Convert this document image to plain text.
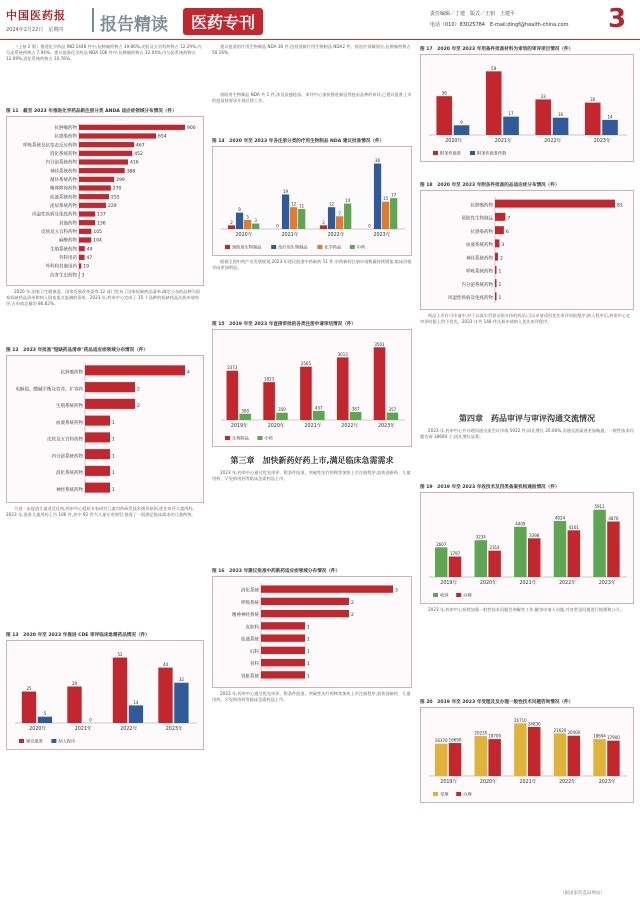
中国医药报
2024年2月22日　星期四 报告精读	医药专刊	责任编辑／丁建　版式／王钥　王建平
电话（010）83025784　E-mail:dingf@health-china.com 3
（上接 2 版）推进化学药品 IND 1448 件中,抗肿瘤药物占 39.86%,皮肤及五官科药物占 12.29%,内分泌系统药物占 7.94%。建议批准化学药品 NDA 106 件中,抗肿瘤药物占 32.04%,内分泌系统药物占 12.09%,消化系统药物占 10.76%。
图 11　截至 2023 年推进化学药品新注册分类 ANDA 适应症领域分布情况（件）
抗肿瘤药物	900
抗感染药物	654
呼吸系统及抗变态反应药物	467
消化系统药物	452
内分泌系统药物	416
神经系统药物	388
循环系统药物	299
精神障碍药物	270
血液系统药物	255
泌尿系统药物	229
风湿性疾病及免疫药物	137
其他药物	136
皮肤及五官科药物	105
麻醉药物	104
生殖系统药物 49
外科用药 47
外科和其他用药 19
抗寄生虫药物 3
2020 年,国家卫生健康委、国家发展改革委等 12 部门发布了国家短缺药品清单,确定公布的品种为国家短缺药品清单和纳入国家重点监测的清单。2023 年,药审中心完成了 15 个品种的短缺药品注册申请审评,占申请总量的 86.82%。
图 12　2023 年批准"短缺药品清单"药品适应症领域分布情况（件）
抗肿瘤药物	4
电解质、酸碱平衡及营养、扩容药	2
生殖系统药物	2
血液系统药物	1
皮肤及五官科药物	1
内分泌系统药物	1
消化系统药物	1
神经系统药物	1
为进一步促进儿童适宜化药,药审中心组织专家研究儿童用药研发技术指导原则,优先审评儿童用药。2023 年,批准儿童用药上市 106 件,其中 92 件为儿童专用剂型,推进了一批满足临床需求的儿童药物。
图 13　2020 年至 2023 年推进 CDE 审评临床急需药品情况（件）
25
5
2020年
29
0
2021年
52
14
2022年
44
32
2023年
建议批准	纳入程序
建议批准的疗用生物制品 NDA 36 件,包括创新疗用生物制品 NDA2 件。按治疗领域划分,抗肿瘤药物占 50.26%。
预防用生物制品 NDA 共 1 件,涉及流感疫苗。审评中心加快推进新冠等疫苗品种的审评,已建议批准上市的疫苗按要求开展后续工作。
图 14　2020 年至 2023 年各注册分类的疗用生物制品 NDA 建议批准情况（件）
2
9
5
3
2020年
0
19
12 11
2021年
2
12
7
14
2022年
0
36
15
17
2023年
预防用生物制品	治疗用生物制品	化学药品	中药
根据全国中药产业发展规划,2023 年建议批准中药新药 11 件,中药新药注册申请数量持续增加,临床价值导向更加明显。
图 15　2019 年至 2023 年直接审批的各类注册申请审结情况（件）
2373
300
2019年
1823
350
2020年
2565
437
2021年
3013
387
2022年
3501
357
2023年
生物制品	中药
第三章　加快新药好药上市,满足临床急需需求
2023 年,药审中心通过优先审评、附条件批准、突破性治疗药物等加快上市注册程序,加快创新药、儿童用药、罕见病用药等临床急需药品上市。
图 16　2023 年建议批准中药新药适应症领域分布情况（件）
消化系统	3
呼吸系统	2
精神神经系统	2
皮肤科	1
血液系统	1
妇科	1
骨科	1
肾脏系统	1
2023 年,药审中心通过优先审评、附条件批准、突破性治疗药物等加快上市注册程序,加快创新药、儿童用药、罕见病用药等临床急需药品上市。
图 17　2020 年至 2023 年用备件批准材料为审培的审评项目情况（件）
36
9
2020年
59
17
2021年
33
16
2022年
30
14
2023年
附条件批准	附条件批准件数
图 18　2020 年至 2023 年附条件批准的品适应症分布情况（件）
抗肿瘤药物	81
预防性生物制品	7
抗感染药物	6
血液系统药物 3
神经系统药物 2
呼吸系统药物 1
内分泌系统药物 1
风湿性疾病及免疫药物 1
药品上市许可申请中,对于以真实世界证据支持的药品,可以申请适用优先审评审批程序;纳入程序后,药审中心在审评时限上给予优先。2023 年共 148 件注册申请纳入优先审评程序。
第四章　药品审评与审评沟通交流情况
2023 年,药审中心共办理沟通交流会议申请 5912 件,同比增长 20.06%,沟通交流渠道更加畅通。一般性技术问题咨询 18694 个,同比增长显著。
图 19　2019 年至 2023 年收技术及四类备案机构通报情况（件）
2607
1797
2019年
3234
2314
2020年
4409
3398
2021年
4924
4101
2022年
5912
4876
2023年
收到	办理
2023 年,药审中心持续加强一般性技术问题咨询解答工作,解答申请人问题,并对常见问题进行梳理和公开。
图 20　2019 年至 2023 年受理及及办理一般性技术问题咨询情况（件）
16370 16690
2019年
20230
18700
2020年
26710
24830
2021年
21620 20400
2022年
18694 17900
2023年
受理	办理
（据国家药监局网站）
